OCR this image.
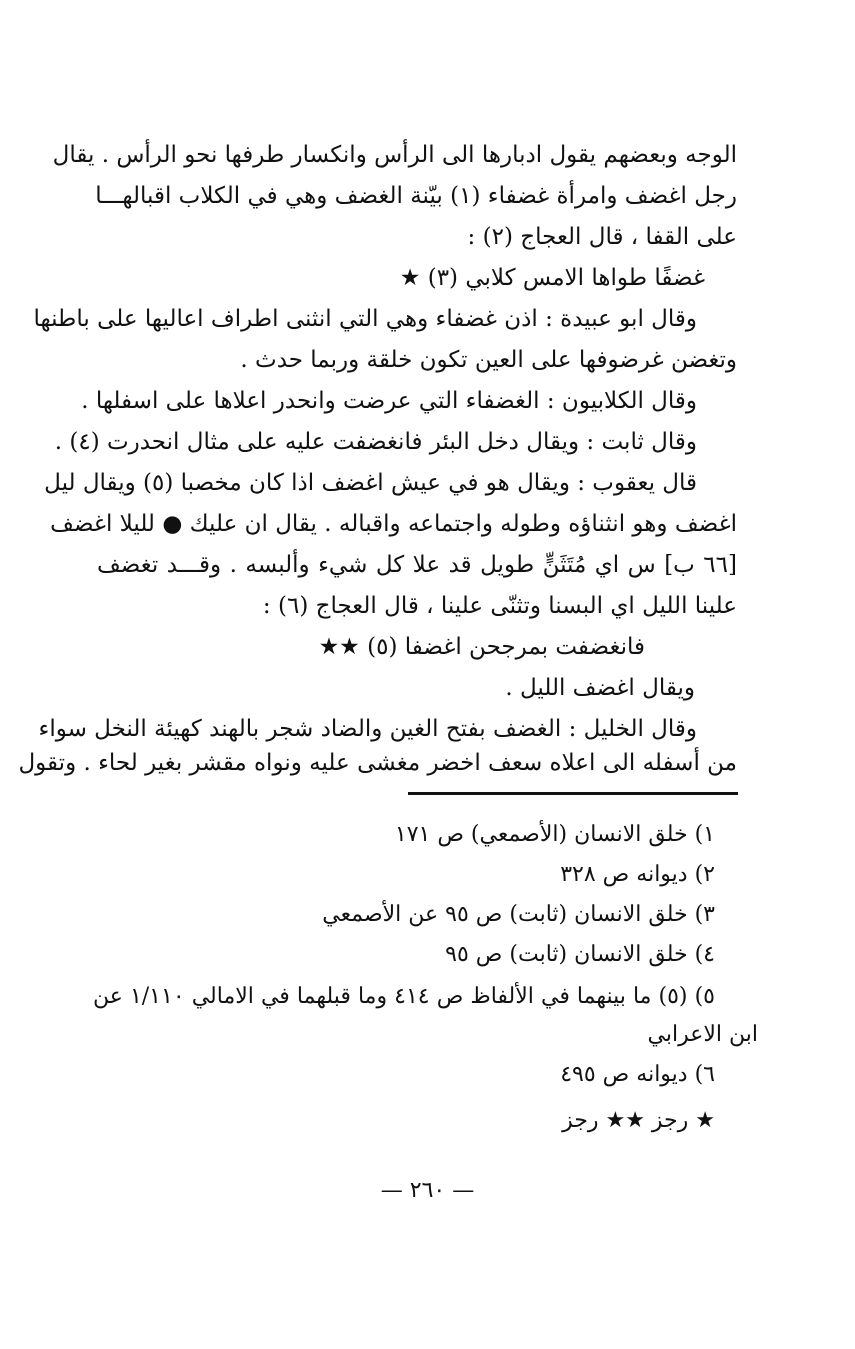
الوجه وبعضهم يقول ادبارها الى الرأس وانكسار طرفها نحو الرأس . يقال
رجل اغضف وامرأة غضفاء (١) بيّنة الغضف وهي في الكلاب اقبالهـــا
على القفا ، قال العجاج (٢) :
غضفًا طواها الامس كلابي (٣) ★
وقال ابو عبيدة : اذن غضفاء وهي التي انثنى اطراف اعاليها على باطنها
وتغضن غرضوفها على العين تكون خلقة وربما حدث .
وقال الكلابيون : الغضفاء التي عرضت وانحدر اعلاها على اسفلها .
وقال ثابت : ويقال دخل البئر فانغضفت عليه على مثال انحدرت (٤) .
قال يعقوب : ويقال هو في عيش اغضف اذا كان مخصبا (٥) ويقال ليل
اغضف وهو انثناؤه وطوله واجتماعه واقباله . يقال ان عليك ● لليلا اغضف
[٦٦ ب] س اي مُتَثَنٍّ طويل قد علا كل شيء وألبسه . وقـــد تغضف
علينا الليل اي البسنا وتثنّى علينا ، قال العجاج (٦) :
فانغضفت بمرجحن اغضفا (٥) ★★
ويقال اغضف الليل .
وقال الخليل : الغضف بفتح الغين والضاد شجر بالهند كهيئة النخل سواء
من أسفله الى اعلاه سعف اخضر مغشى عليه ونواه مقشر بغير لحاء . وتقول
١) خلق الانسان (الأصمعي) ص ١٧١
٢) ديوانه ص ٣٢٨
٣) خلق الانسان (ثابت) ص ٩٥ عن الأصمعي
٤) خلق الانسان (ثابت) ص ٩٥
٥) (٥) ما بينهما في الألفاظ ص ٤١٤ وما قبلهما في الامالي ١/١١٠ عن
ابن الاعرابي
٦) ديوانه ص ٤٩٥
★ رجز ★★ رجز
— ٢٦٠ —
